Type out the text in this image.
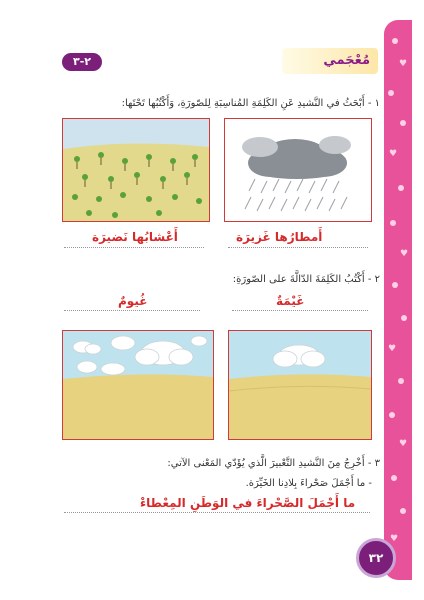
♥
♥
♥
♥
♥
♥
مُعْجَمي
٢-٣
١ - أَبْحَثُ في النَّشيدِ عَنِ الكَلِمَةِ المُناسِبَةِ لِلصّورَةِ، وَأَكْتُبُها تَحْتَها:
أَمطارُها غَزيرَة
أَعْشابُها نَضيرَة
٢ - أَكْتُبُ الكَلِمَةَ الدّالَّةَ على الصّورَةِ:
غَيْمَةٌ
غُيومٌ
٣ - أَخْرِجُ مِنَ النَّشيدِ التَّعْبيرَ الَّذي يُؤَدّي المَعْنى الآتي:
- ما أَجْمَلَ صَحْراءَ بِلادِنا الخَيِّرَة.
ما أَجْمَلَ الصَّحْراءَ في الوَطَنِ المِعْطاءْ
٣٢
